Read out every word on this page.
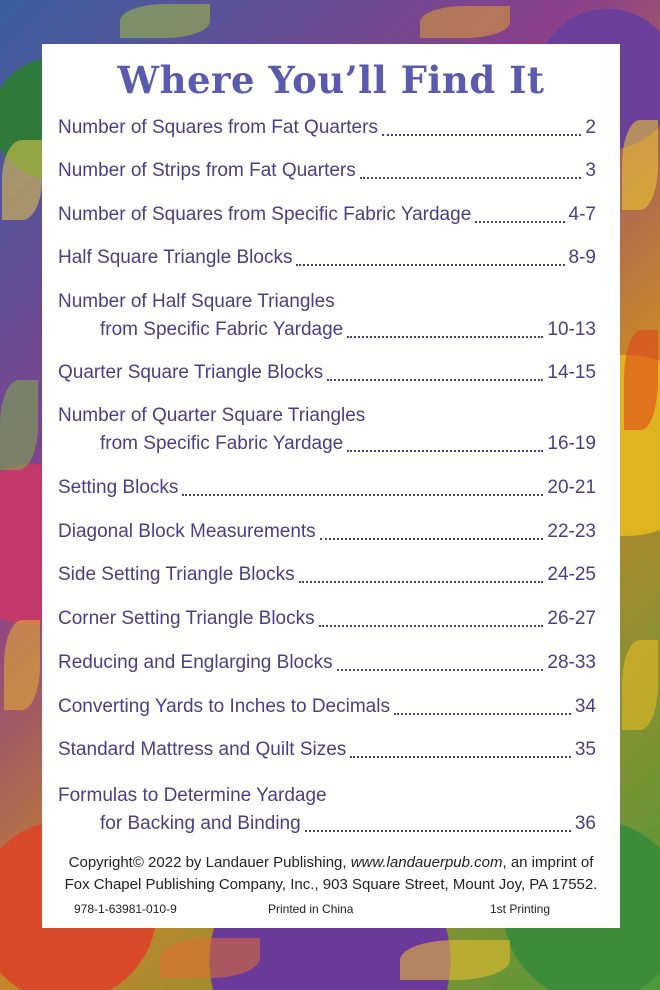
Where You’ll Find It
Number of Squares from Fat Quarters	2
Number of Strips from Fat Quarters	3
Number of Squares from Specific Fabric Yardage	4-7
Half Square Triangle Blocks	8-9
Number of Half Square Triangles
from Specific Fabric Yardage	10-13
Quarter Square Triangle Blocks	14-15
Number of Quarter Square Triangles
from Specific Fabric Yardage	16-19
Setting Blocks	20-21
Diagonal Block Measurements	22-23
Side Setting Triangle Blocks	24-25
Corner Setting Triangle Blocks	26-27
Reducing and Englarging Blocks	28-33
Converting Yards to Inches to Decimals	34
Standard Mattress and Quilt Sizes	35
Formulas to Determine Yardage
for Backing and Binding	36
Copyright© 2022 by Landauer Publishing, www.landauerpub.com, an imprint of
Fox Chapel Publishing Company, Inc., 903 Square Street, Mount Joy, PA 17552.
978-1-63981-010-9	Printed in China	1st Printing
